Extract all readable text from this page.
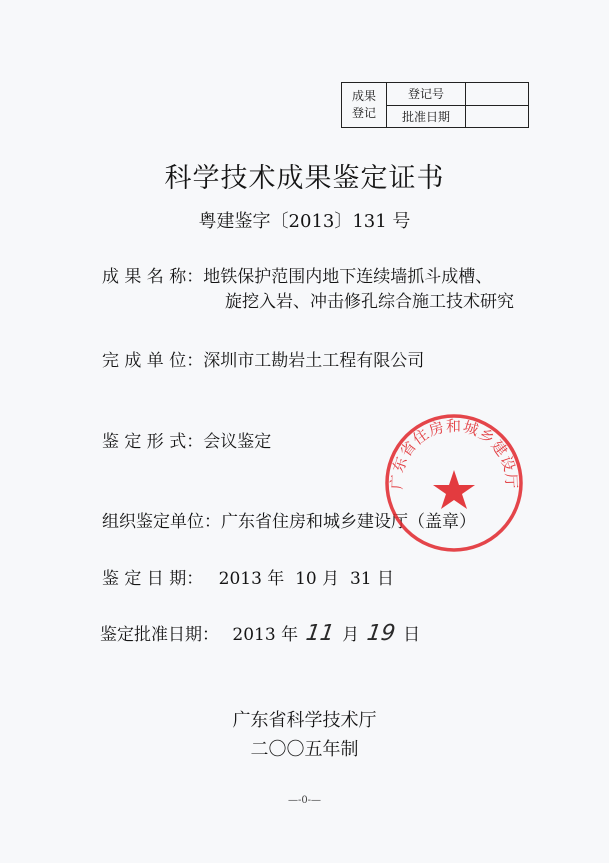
成果
登记
登记号
批准日期
科学技术成果鉴定证书
粤建鉴字〔2013〕131 号
成 果 名 称：地铁保护范围内地下连续墙抓斗成槽、
旋挖入岩、冲击修孔综合施工技术研究
完 成 单 位：深圳市工勘岩土工程有限公司
鉴 定 形 式：会议鉴定
组织鉴定单位：广东省住房和城乡建设厅（盖章）
鉴 定 日 期： 2013 年  10 月  31 日
鉴定批准日期： 2013 年 11 月 19 日
广东省住房和城乡建设厅
广东省科学技术厅
二〇〇五年制
—-0-—
